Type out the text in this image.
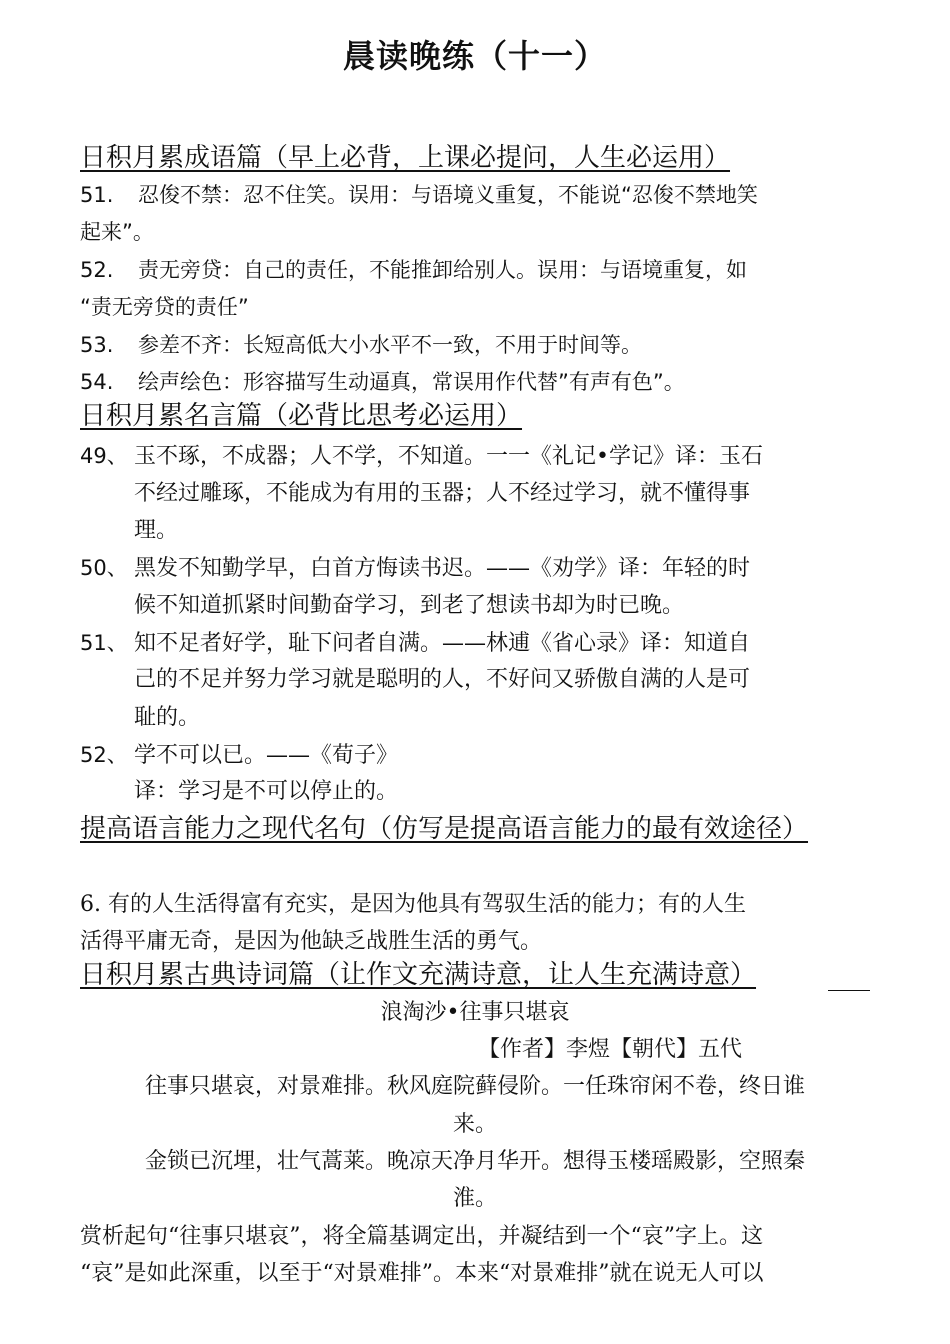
晨读晚练（十一）
日积月累成语篇（早上必背，上课必提问，人生必运用）
51. 忍俊不禁：忍不住笑。误用：与语境义重复，不能说“忍俊不禁地笑
起来”。
52. 责无旁贷：自己的责任，不能推卸给别人。误用：与语境重复，如
“责无旁贷的责任”
53. 参差不齐：长短高低大小水平不一致，不用于时间等。
54. 绘声绘色：形容描写生动逼真，常误用作代替”有声有色”。
日积月累名言篇（必背比思考必运用）
49、 玉不琢，不成器；人不学，不知道。一一《礼记•学记》译：玉石
不经过雕琢，不能成为有用的玉器；人不经过学习，就不懂得事
理。
50、 黑发不知勤学早，白首方悔读书迟。——《劝学》译：年轻的时
候不知道抓紧时间勤奋学习，到老了想读书却为时已晚。
51、 知不足者好学，耻下问者自满。——林逋《省心录》译：知道自
己的不足并努力学习就是聪明的人，不好问又骄傲自满的人是可
耻的。
52、 学不可以已。——《荀子》
译：学习是不可以停止的。
提高语言能力之现代名句（仿写是提高语言能力的最有效途径）
6. 有的人生活得富有充实，是因为他具有驾驭生活的能力；有的人生
活得平庸无奇，是因为他缺乏战胜生活的勇气。
日积月累古典诗词篇（让作文充满诗意，让人生充满诗意）
浪淘沙•往事只堪哀
【作者】李煜【朝代】五代
往事只堪哀，对景难排。秋风庭院藓侵阶。一任珠帘闲不卷，终日谁
来。
金锁已沉埋，壮气蒿莱。晚凉天净月华开。想得玉楼瑶殿影，空照秦
淮。
赏析起句“往事只堪哀”，将全篇基调定出，并凝结到一个“哀”字上。这
“哀”是如此深重，以至于“对景难排”。本来“对景难排”就在说无人可以
